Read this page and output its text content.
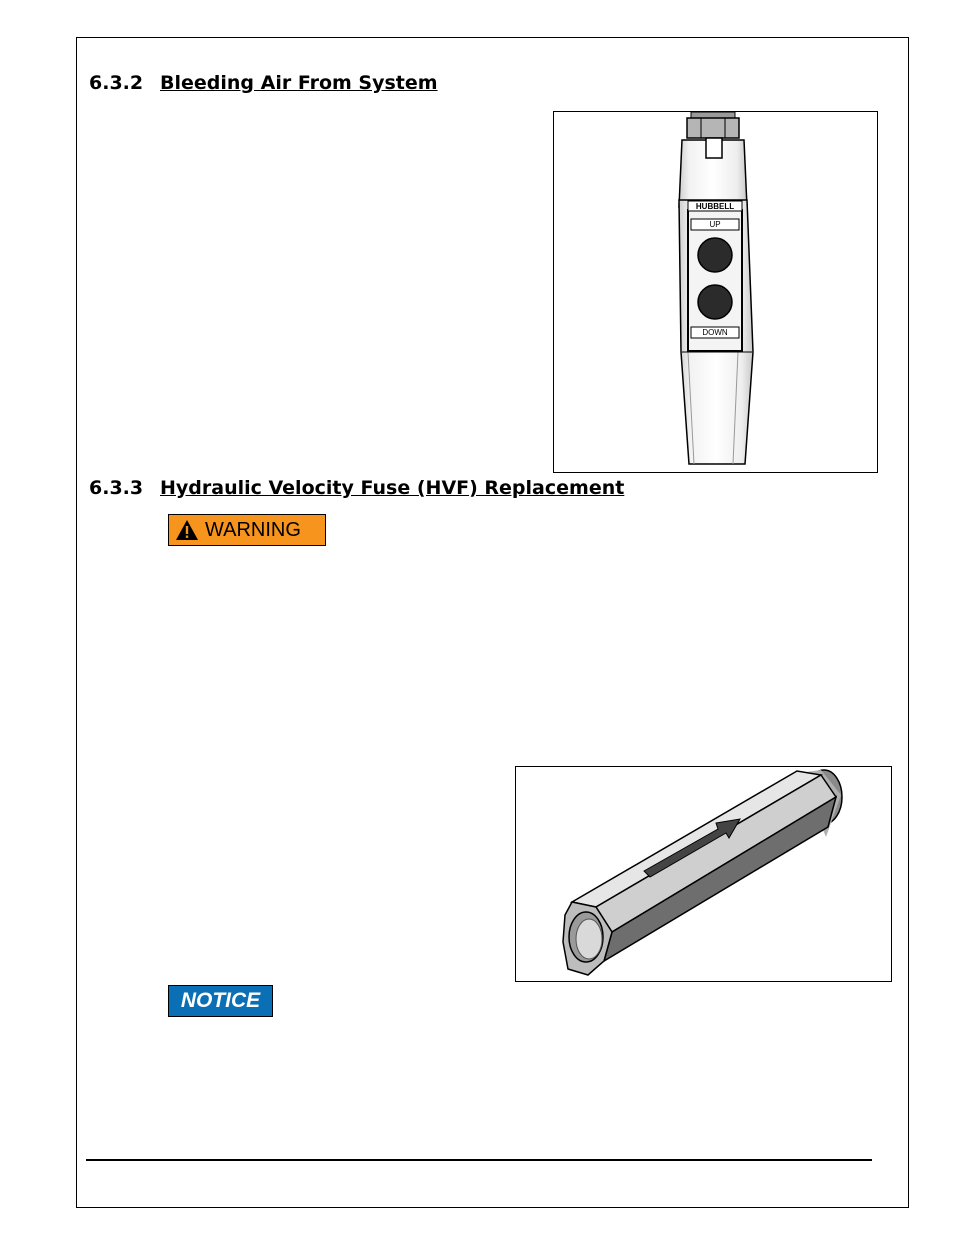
6.3.2 Bleeding Air From System
HUBBELL
UP
DOWN
6.3.3 Hydraulic Velocity Fuse (HVF) Replacement
WARNING
NOTICE
